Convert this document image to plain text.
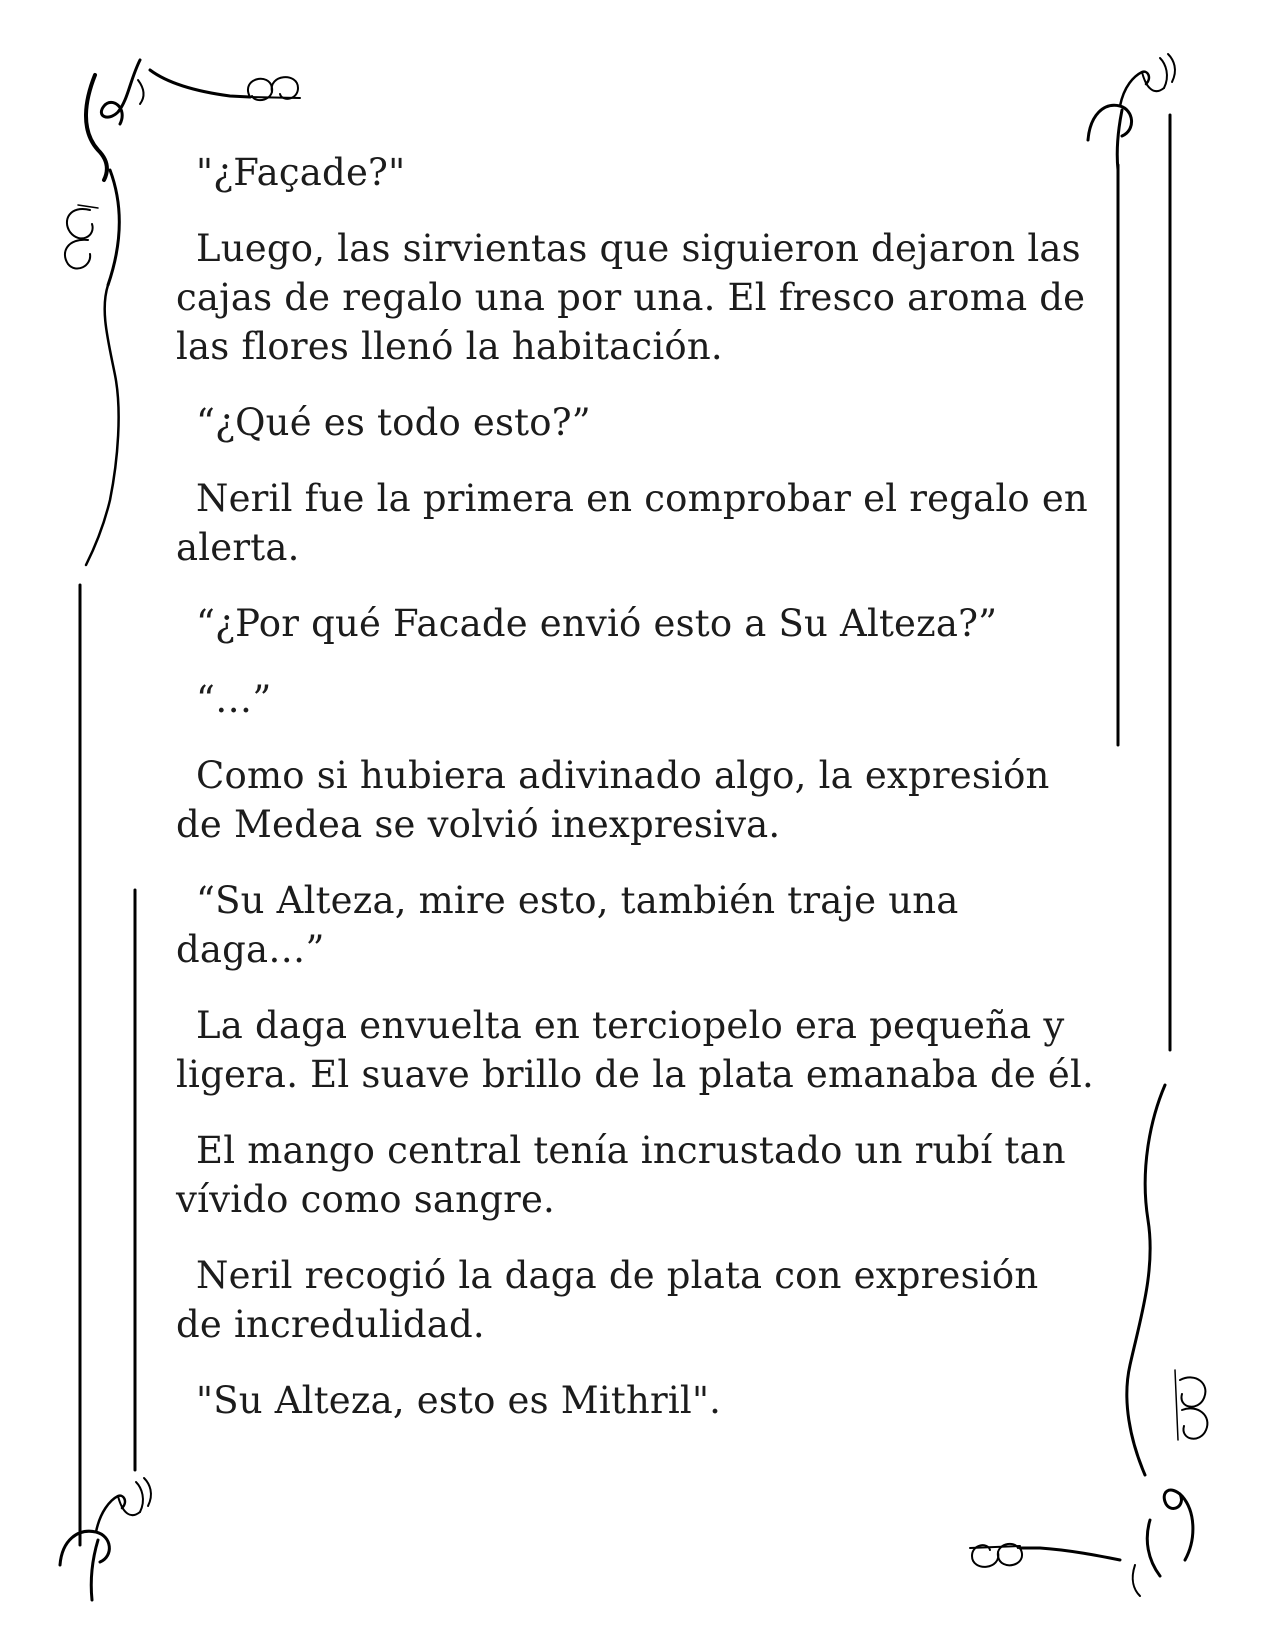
"¿Façade?"

Luego, las sirvientas que siguieron dejaron las cajas de regalo una por una. El fresco aroma de las flores llenó la habitación.

“¿Qué es todo esto?”

Neril fue la primera en comprobar el regalo en alerta.

“¿Por qué Facade envió esto a Su Alteza?”

“…”

Como si hubiera adivinado algo, la expresión de Medea se volvió inexpresiva.

“Su Alteza, mire esto, también traje una daga…”

La daga envuelta en terciopelo era pequeña y ligera. El suave brillo de la plata emanaba de él.

El mango central tenía incrustado un rubí tan vívido como sangre.

Neril recogió la daga de plata con expresión de incredulidad.

"Su Alteza, esto es Mithril".
